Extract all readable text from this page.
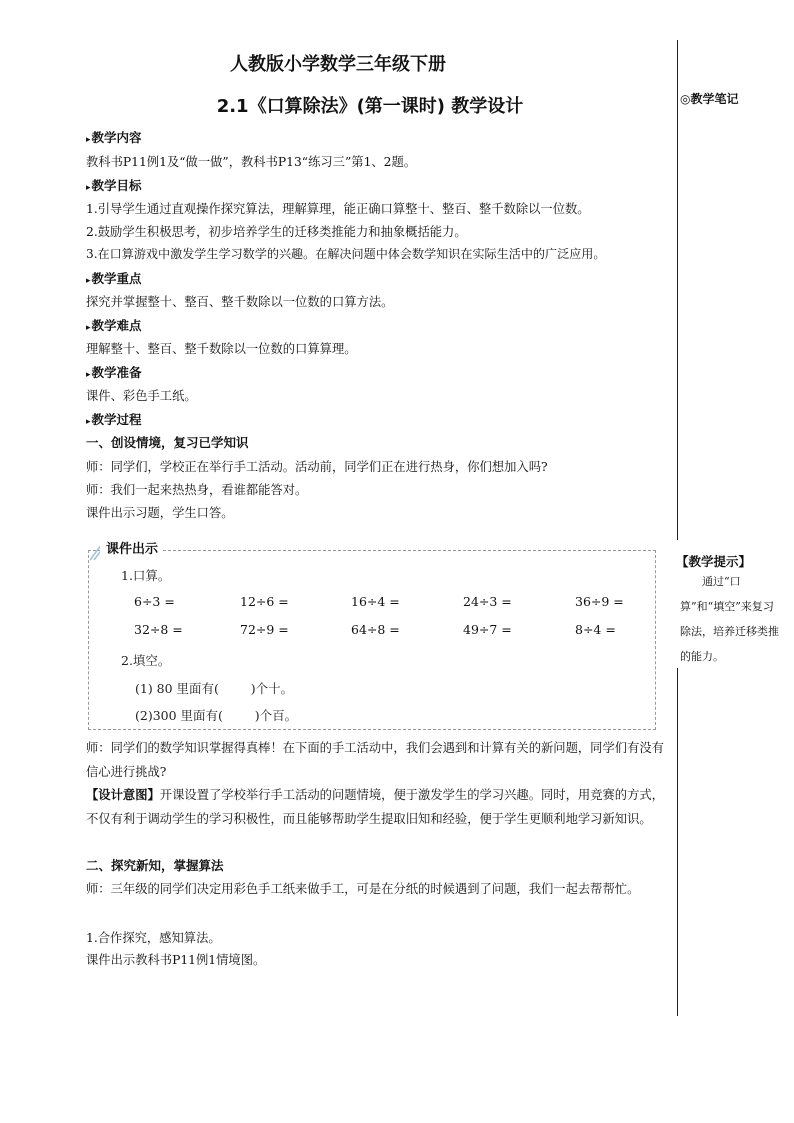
人教版小学数学三年级下册
2.1《口算除法》(第一课时) 教学设计	◎教学笔记
【教学提示】
通过“口算”和“填空”来复习除法，培养迁移类推的能力。
▸ 教学内容
教科书P11例1及“做一做”，教科书P13“练习三”第1、2题。
▸ 教学目标
1.引导学生通过直观操作探究算法，理解算理，能正确口算整十、整百、整千数除以一位数。
2.鼓励学生积极思考，初步培养学生的迁移类推能力和抽象概括能力。
3.在口算游戏中激发学生学习数学的兴趣。在解决问题中体会数学知识在实际生活中的广泛应用。
▸ 教学重点
探究并掌握整十、整百、整千数除以一位数的口算方法。
▸ 教学难点
理解整十、整百、整千数除以一位数的口算算理。
▸ 教学准备
课件、彩色手工纸。
▸ 教学过程
一、创设情境，复习已学知识
师：同学们，学校正在举行手工活动。活动前，同学们正在进行热身，你们想加入吗?
师：我们一起来热热身，看谁都能答对。
课件出示习题，学生口答。
课件出示
1.口算。
6÷3 =	12÷6 =	16÷4 =	24÷3 =	36÷9 =
32÷8 =	72÷9 =	64÷8 =	49÷7 =	8÷4 =
2.填空。
(1) 80 里面有(        )个十。
(2)300 里面有(        )个百。
师：同学们的数学知识掌握得真棒！在下面的手工活动中，我们会遇到和计算有关的新问题，同学们有没有信心进行挑战?
【设计意图】开课设置了学校举行手工活动的问题情境，便于激发学生的学习兴趣。同时，用竞赛的方式，不仅有利于调动学生的学习积极性，而且能够帮助学生提取旧知和经验，便于学生更顺利地学习新知识。
二、探究新知，掌握算法
师：三年级的同学们决定用彩色手工纸来做手工，可是在分纸的时候遇到了问题，我们一起去帮帮忙。
1.合作探究，感知算法。
课件出示教科书P11例1情境图。
